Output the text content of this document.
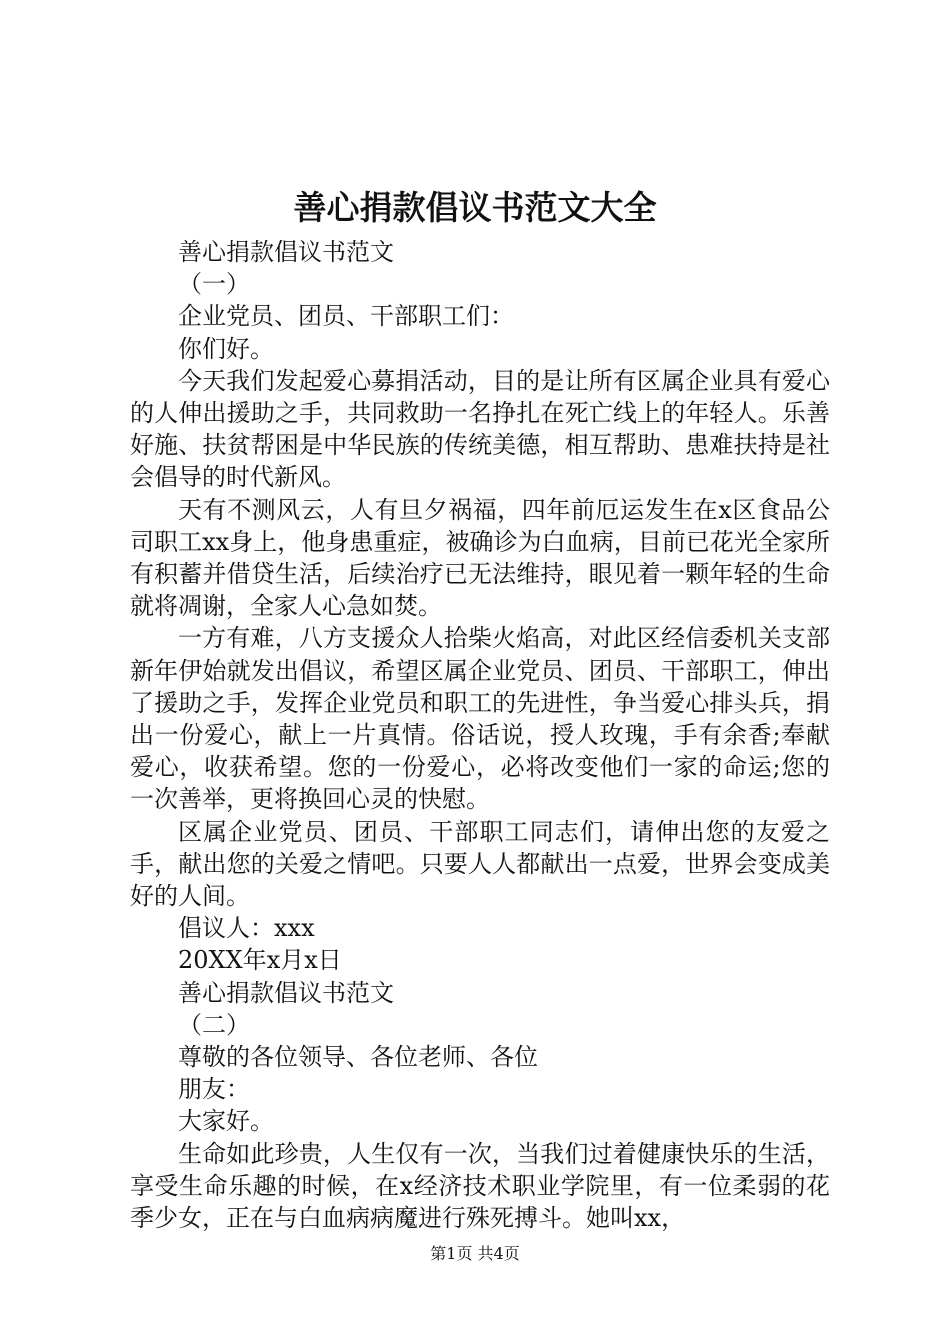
善心捐款倡议书范文大全

善心捐款倡议书范文

（一）

企业党员、团员、干部职工们：

你们好。

今天我们发起爱心募捐活动，目的是让所有区属企业具有爱心的人伸出援助之手，共同救助一名挣扎在死亡线上的年轻人。乐善好施、扶贫帮困是中华民族的传统美德，相互帮助、患难扶持是社会倡导的时代新风。

天有不测风云，人有旦夕祸福，四年前厄运发生在x区食品公司职工xx身上，他身患重症，被确诊为白血病，目前已花光全家所有积蓄并借贷生活，后续治疗已无法维持，眼见着一颗年轻的生命就将凋谢，全家人心急如焚。

一方有难，八方支援众人拾柴火焰高，对此区经信委机关支部新年伊始就发出倡议，希望区属企业党员、团员、干部职工，伸出了援助之手，发挥企业党员和职工的先进性，争当爱心排头兵，捐出一份爱心，献上一片真情。俗话说，授人玫瑰，手有余香;奉献爱心，收获希望。您的一份爱心，必将改变他们一家的命运;您的一次善举，更将换回心灵的快慰。

区属企业党员、团员、干部职工同志们，请伸出您的友爱之手，献出您的关爱之情吧。只要人人都献出一点爱，世界会变成美好的人间。

倡议人：xxx

20XX年x月x日

善心捐款倡议书范文

（二）

尊敬的各位领导、各位老师、各位

朋友：

大家好。

生命如此珍贵，人生仅有一次，当我们过着健康快乐的生活，享受生命乐趣的时候，在x经济技术职业学院里，有一位柔弱的花季少女，正在与白血病病魔进行殊死搏斗。她叫xx，

第1页 共4页
